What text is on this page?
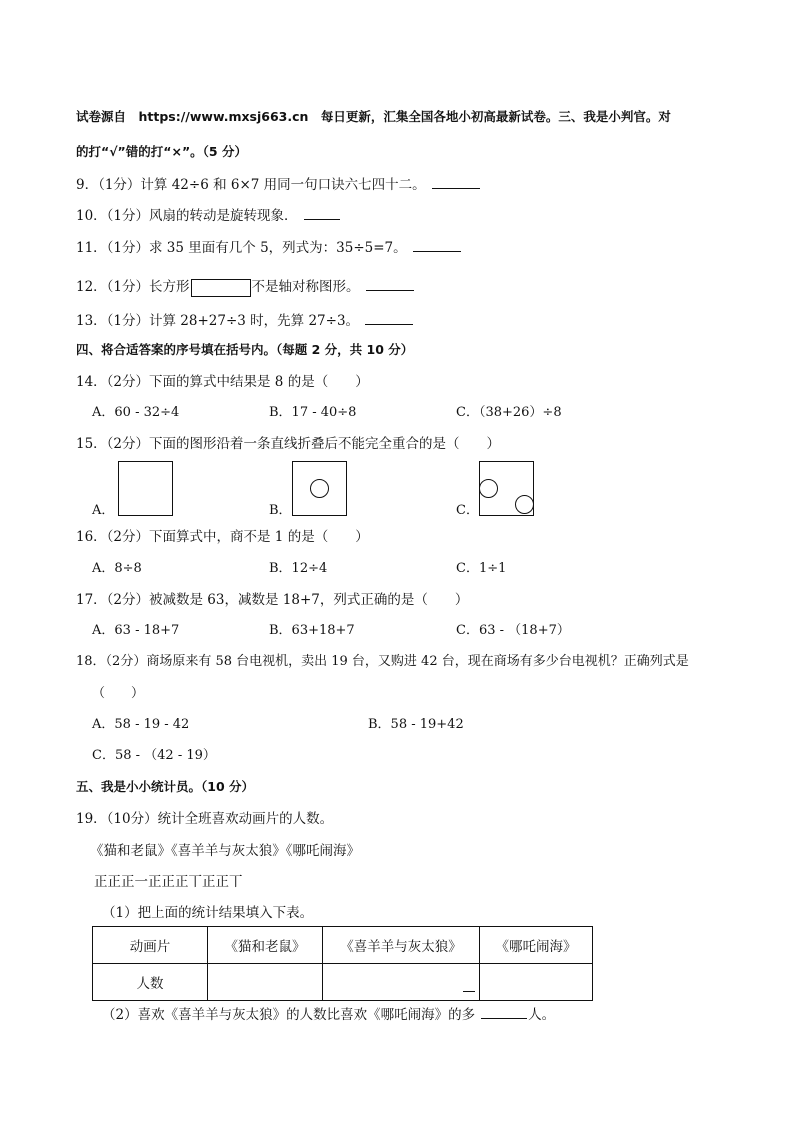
试卷源自　https://www.mxsj663.cn　每日更新，汇集全国各地小初高最新试卷。三、我是小判官。对
的打“√”错的打“×”。（5 分）
9．（1分）计算 42÷6 和 6×7 用同一句口诀六七四十二。
10．（1分）风扇的转动是旋转现象．
11．（1分）求 35 里面有几个 5，列式为：35÷5=7。
12．（1分）长方形	不是轴对称图形。
13．（1分）计算 28+27÷3 时，先算 27÷3。
四、将合适答案的序号填在括号内。（每题 2 分，共 10 分）
14．（2分）下面的算式中结果是 8 的是（　　）
A．60 - 32÷4	B．17 - 40÷8	C．（38+26）÷8
15．（2分）下面的图形沿着一条直线折叠后不能完全重合的是（　　）
A．	B．	C．
16．（2分）下面算式中，商不是 1 的是（　　）
A．8÷8	B．12÷4	C．1÷1
17．（2分）被减数是 63，减数是 18+7，列式正确的是（　　）
A．63 - 18+7	B．63+18+7	C．63 - （18+7）
18．（2分）商场原来有 58 台电视机，卖出 19 台，又购进 42 台，现在商场有多少台电视机？正确列式是
（　　）
A．58 - 19 - 42	B．58 - 19+42
C．58 - （42 - 19）
五、我是小小统计员。（10 分）
19．（10分）统计全班喜欢动画片的人数。
《猫和老鼠》《喜羊羊与灰太狼》《哪吒闹海》
正正正一正正正丅正正丅
（1）把上面的统计结果填入下表。
动画片	《猫和老鼠》	《喜羊羊与灰太狼》	《哪吒闹海》
人数		

（2）喜欢《喜羊羊与灰太狼》的人数比喜欢《哪吒闹海》的多	人。
